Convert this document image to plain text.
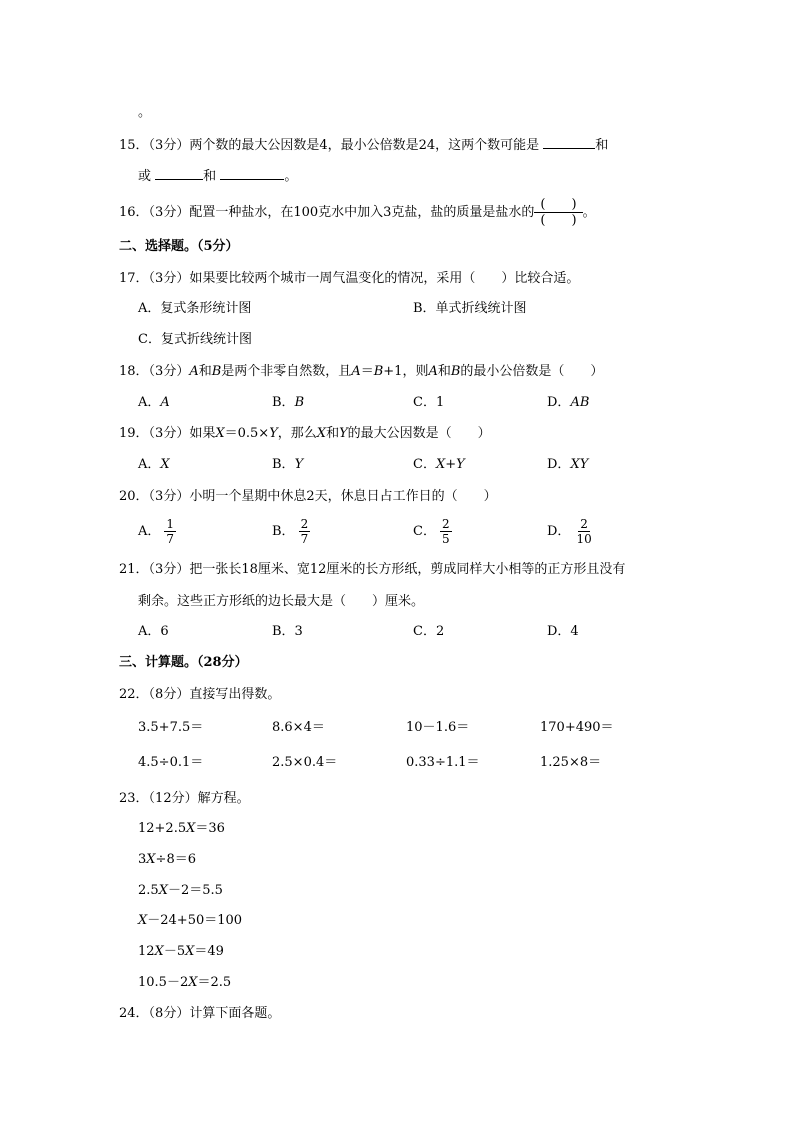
。
15．（3分）两个数的最大公因数是4，最小公倍数是24，这两个数可能是	和
或	和	。
16．（3分）配置一种盐水，在100克水中加入3克盐，盐的质量是盐水的
(　　)
(　　)
。
二、选择题。（5分）
17．（3分）如果要比较两个城市一周气温变化的情况，采用（　　）比较合适。
A．复式条形统计图	B．单式折线统计图
C．复式折线统计图
18．（3分）A和B是两个非零自然数，且A＝B+1，则A和B的最小公倍数是（　　）
A．A	B．B	C．1	D．AB
19．（3分）如果X＝0.5×Y，那么X和Y的最大公因数是（　　）
A．X	B．Y	C．X+Y	D．XY
20．（3分）小明一个星期中休息2天，休息日占工作日的（　　）
A． $\frac{1}{7}$	B． $\frac{2}{7}$	C． $\frac{2}{5}$	D． $\frac{2}{10}$
21．（3分）把一张长18厘米、宽12厘米的长方形纸，剪成同样大小相等的正方形且没有
剩余。这些正方形纸的边长最大是（　　）厘米。
A．6	B．3	C．2	D．4
三、计算题。（28分）
22．（8分）直接写出得数。
3.5+7.5＝	8.6×4＝	10－1.6＝	170+490＝
4.5÷0.1＝	2.5×0.4＝	0.33÷1.1＝	1.25×8＝
23．（12分）解方程。
12+2.5X＝36
3X÷8＝6
2.5X－2＝5.5
X－24+50＝100
12X－5X＝49
10.5－2X＝2.5
24．（8分）计算下面各题。
